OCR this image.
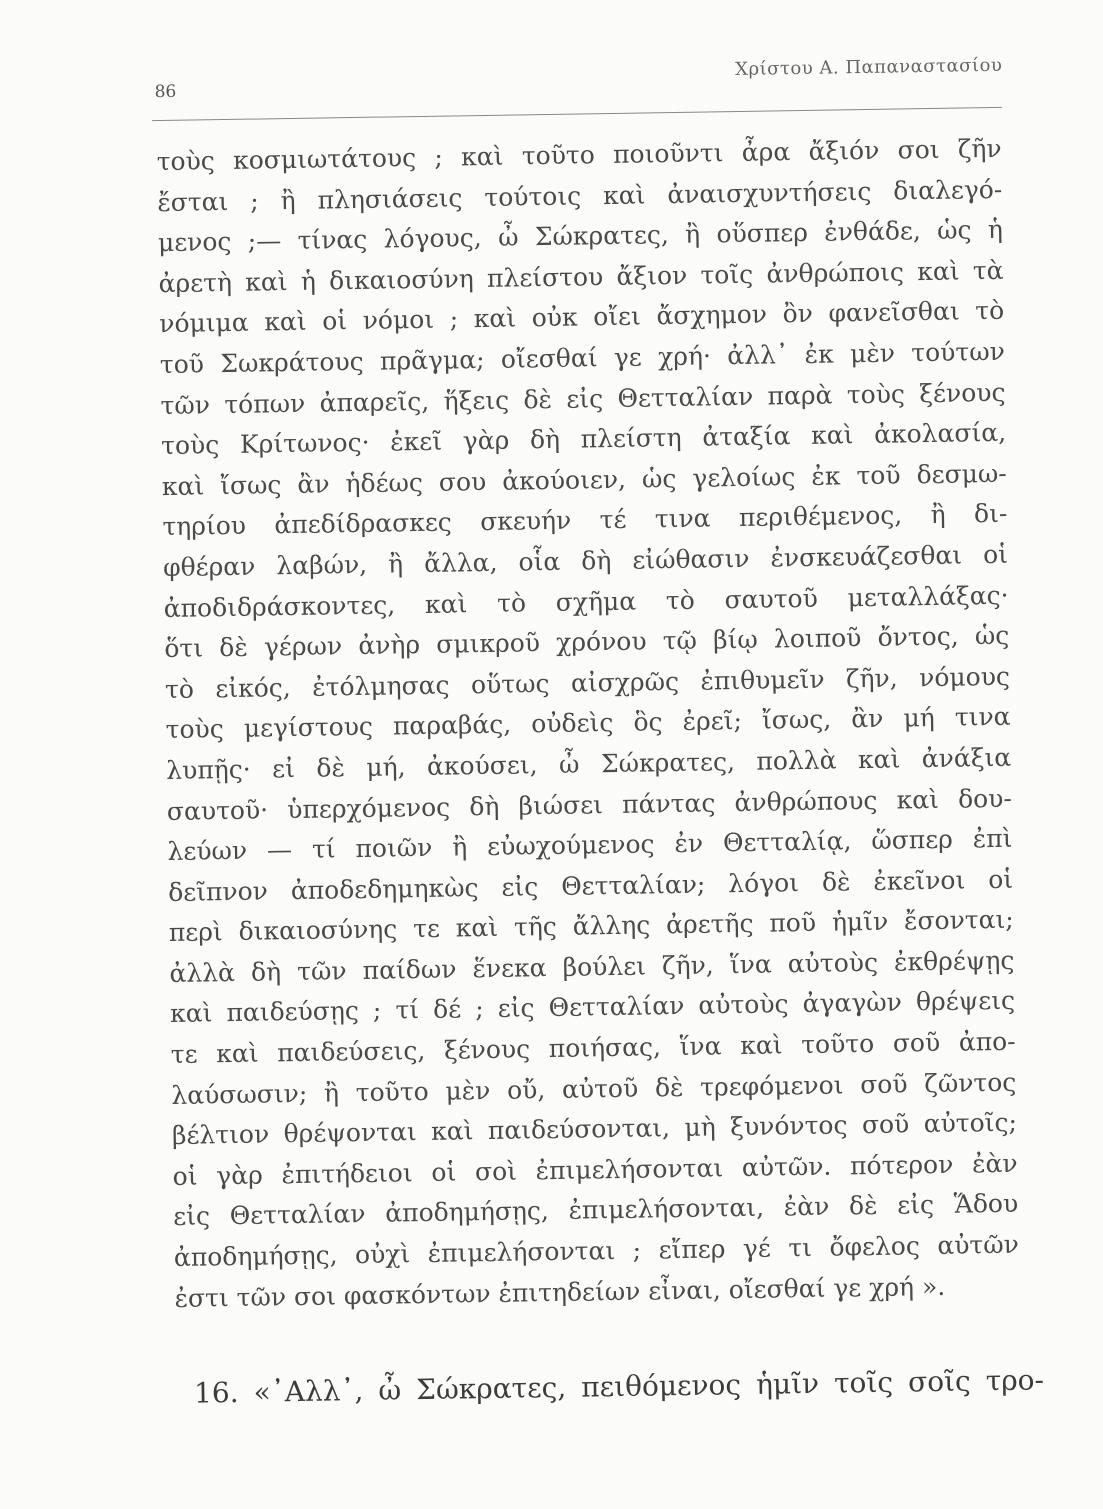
86
Χρίστου Α. Παπαναστασίου
τοὺς κοσμιωτάτους ; καὶ τοῦτο ποιοῦντι ἆρα ἄξιόν σοι ζῆν
ἔσται ; ἢ πλησιάσεις τούτοις καὶ ἀναισχυντήσεις διαλεγό-
μενος ;— τίνας λόγους, ὦ Σώκρατες, ἢ οὕσπερ ἐνθάδε, ὡς ἡ
ἀρετὴ καὶ ἡ δικαιοσύνη πλείστου ἄξιον τοῖς ἀνθρώποις καὶ τὰ
νόμιμα καὶ οἱ νόμοι ; καὶ οὐκ οἴει ἄσχημον ὂν φανεῖσθαι τὸ
τοῦ Σωκράτους πρᾶγμα; οἴεσθαί γε χρή· ἀλλ᾽ ἐκ μὲν τούτων
τῶν τόπων ἀπαρεῖς, ἥξεις δὲ εἰς Θετταλίαν παρὰ τοὺς ξένους
τοὺς Κρίτωνος· ἐκεῖ γὰρ δὴ πλείστη ἀταξία καὶ ἀκολασία,
καὶ ἴσως ἂν ἡδέως σου ἀκούοιεν, ὡς γελοίως ἐκ τοῦ δεσμω-
τηρίου ἀπεδίδρασκες σκευήν τέ τινα περιθέμενος, ἢ δι-
φθέραν λαβών, ἢ ἄλλα, οἷα δὴ εἰώθασιν ἐνσκευάζεσθαι οἱ
ἀποδιδράσκοντες, καὶ τὸ σχῆμα τὸ σαυτοῦ μεταλλάξας·
ὅτι δὲ γέρων ἀνὴρ σμικροῦ χρόνου τῷ βίῳ λοιποῦ ὄντος, ὡς
τὸ εἰκός, ἐτόλμησας οὕτως αἰσχρῶς ἐπιθυμεῖν ζῆν, νόμους
τοὺς μεγίστους παραβάς, οὐδεὶς ὃς ἐρεῖ; ἴσως, ἂν μή τινα
λυπῇς· εἰ δὲ μή, ἀκούσει, ὦ Σώκρατες, πολλὰ καὶ ἀνάξια
σαυτοῦ· ὑπερχόμενος δὴ βιώσει πάντας ἀνθρώπους καὶ δου-
λεύων — τί ποιῶν ἢ εὐωχούμενος ἐν Θετταλίᾳ, ὥσπερ ἐπὶ
δεῖπνον ἀποδεδημηκὼς εἰς Θετταλίαν; λόγοι δὲ ἐκεῖνοι οἱ
περὶ δικαιοσύνης τε καὶ τῆς ἄλλης ἀρετῆς ποῦ ἡμῖν ἔσονται;
ἀλλὰ δὴ τῶν παίδων ἕνεκα βούλει ζῆν, ἵνα αὐτοὺς ἐκθρέψῃς
καὶ παιδεύσῃς ; τί δέ ; εἰς Θετταλίαν αὐτοὺς ἀγαγὼν θρέψεις
τε καὶ παιδεύσεις, ξένους ποιήσας, ἵνα καὶ τοῦτο σοῦ ἀπο-
λαύσωσιν; ἢ τοῦτο μὲν οὔ, αὐτοῦ δὲ τρεφόμενοι σοῦ ζῶντος
βέλτιον θρέψονται καὶ παιδεύσονται, μὴ ξυνόντος σοῦ αὐτοῖς;
οἱ γὰρ ἐπιτήδειοι οἱ σοὶ ἐπιμελήσονται αὐτῶν. πότερον ἐὰν
εἰς Θετταλίαν ἀποδημήσῃς, ἐπιμελήσονται, ἐὰν δὲ εἰς Ἅδου
ἀποδημήσῃς, οὐχὶ ἐπιμελήσονται ; εἴπερ γέ τι ὄφελος αὐτῶν
ἐστι τῶν σοι φασκόντων ἐπιτηδείων εἶναι, οἴεσθαί γε χρή ».
16. «᾽Αλλ᾽, ὦ Σώκρατες, πειθόμενος ἡμῖν τοῖς σοῖς τρο-
